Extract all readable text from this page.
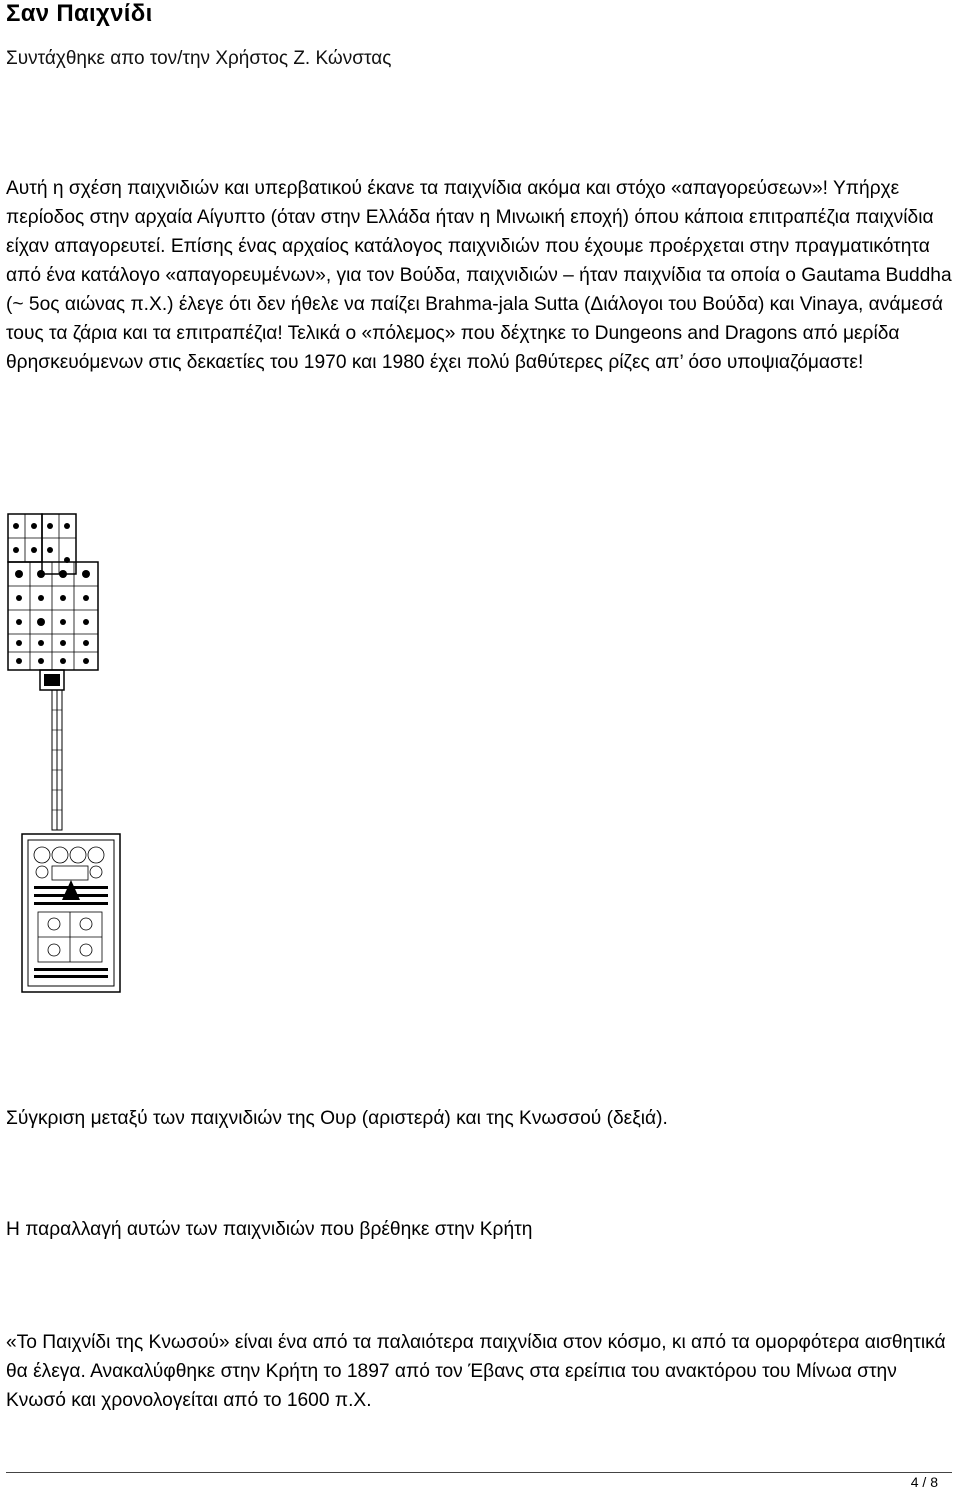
Σαν Παιχνίδι
Συντάχθηκε απο τον/την Χρήστος Ζ. Κώνστας
Αυτή η σχέση παιχνιδιών και υπερβατικού έκανε τα παιχνίδια ακόμα και στόχο «απαγορεύσεων»! Υπήρχε περίοδος στην αρχαία Αίγυπτο (όταν στην Ελλάδα ήταν η Μινωική εποχή) όπου κάποια επιτραπέζια παιχνίδια είχαν απαγορευτεί. Επίσης ένας αρχαίος κατάλογος παιχνιδιών που έχουμε προέρχεται στην πραγματικότητα από ένα κατάλογο «απαγορευμένων», για τον Βούδα, παιχνιδιών – ήταν παιχνίδια τα οποία ο Gautama Buddha (~ 5ος αιώνας π.Χ.) έλεγε ότι δεν ήθελε να παίζει Brahma-jala Sutta (Διάλογοι του Βούδα) και Vinaya, ανάμεσά τους τα ζάρια και τα επιτραπέζια! Τελικά ο «πόλεμος» που δέχτηκε το Dungeons and Dragons από μερίδα θρησκευόμενων στις δεκαετίες του 1970 και 1980 έχει πολύ βαθύτερες ρίζες απ’ όσο υποψιαζόμαστε!
Σύγκριση μεταξύ των παιχνιδιών της Ουρ (αριστερά) και της Κνωσσού (δεξιά).
Η παραλλαγή αυτών των παιχνιδιών που βρέθηκε στην Κρήτη
«Το Παιχνίδι της Κνωσού» είναι ένα από τα παλαιότερα παιχνίδια στον κόσμο, κι από τα ομορφότερα αισθητικά θα έλεγα. Ανακαλύφθηκε στην Κρήτη το 1897 από τον Έβανς στα ερείπια του ανακτόρου του Μίνωα στην Κνωσό και χρονολογείται από το 1600 π.Χ.
4 / 8
